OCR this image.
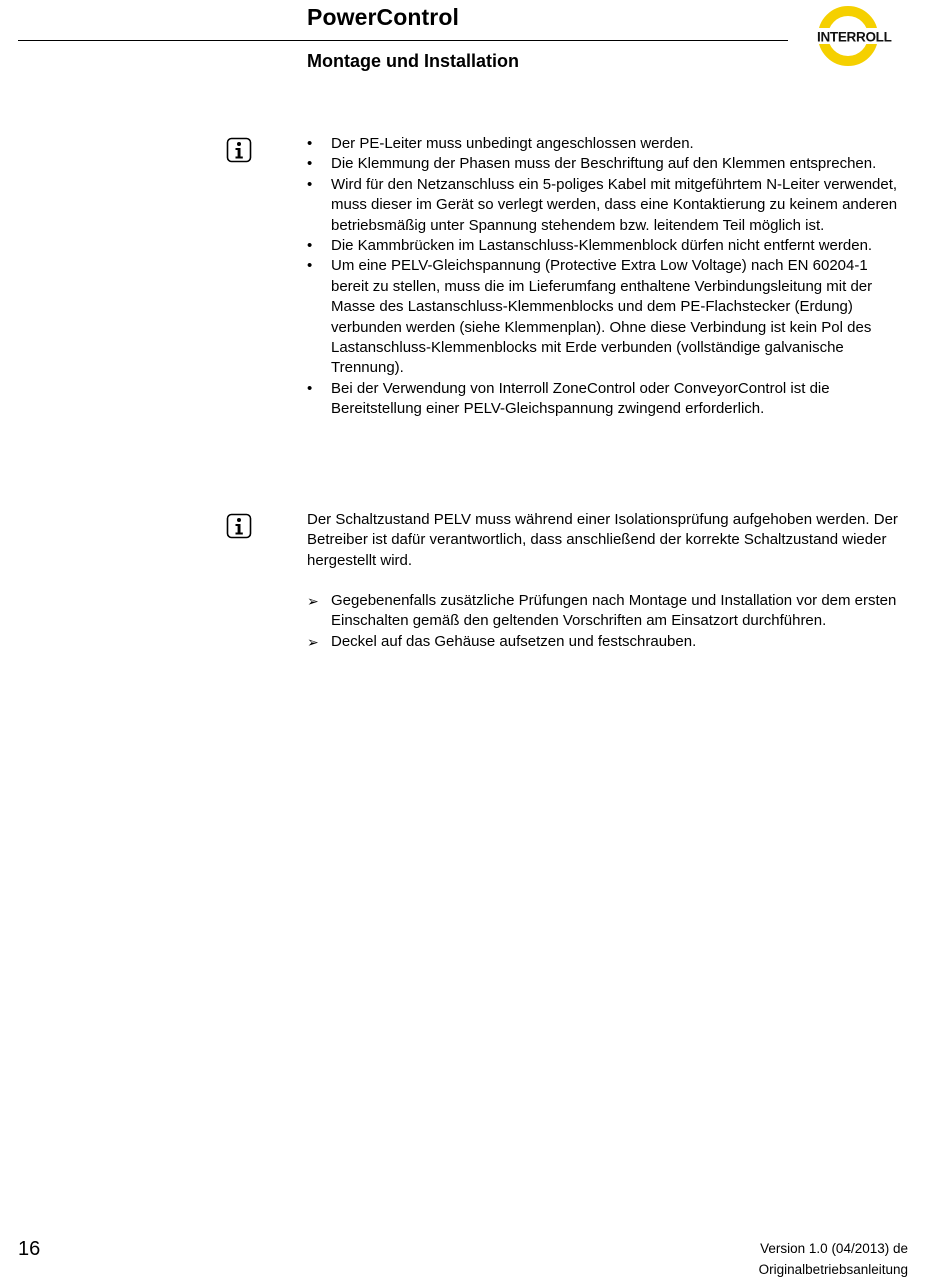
PowerControl
Montage und Installation
INTERROLL
• Der PE-Leiter muss unbedingt angeschlossen werden.
• Die Klemmung der Phasen muss der Beschriftung auf den Klemmen entsprechen.
• Wird für den Netzanschluss ein 5-poliges Kabel mit mitgeführtem N-Leiter verwendet, muss dieser im Gerät so verlegt werden, dass eine Kontaktierung zu keinem anderen betriebsmäßig unter Spannung stehendem bzw. leitendem Teil möglich ist.
• Die Kammbrücken im Lastanschluss-Klemmenblock dürfen nicht entfernt werden.
• Um eine PELV-Gleichspannung (Protective Extra Low Voltage) nach EN 60204-1 bereit zu stellen, muss die im Lieferumfang enthaltene Verbindungsleitung mit der Masse des Lastanschluss-Klemmenblocks und dem PE-Flachstecker (Erdung) verbunden werden (siehe Klemmenplan). Ohne diese Verbindung ist kein Pol des Lastanschluss-Klemmenblocks mit Erde verbunden (vollständige galvanische Trennung).
• Bei der Verwendung von Interroll ZoneControl oder ConveyorControl ist die Bereitstellung einer PELV-Gleichspannung zwingend erforderlich.
Der Schaltzustand PELV muss während einer Isolationsprüfung aufgehoben werden. Der Betreiber ist dafür verantwortlich, dass anschließend der korrekte Schaltzustand wieder hergestellt wird.
➢ Gegebenenfalls zusätzliche Prüfungen nach Montage und Installation vor dem ersten Einschalten gemäß den geltenden Vorschriften am Einsatzort durchführen.
➢ Deckel auf das Gehäuse aufsetzen und festschrauben.
16	Version 1.0 (04/2013) de
Originalbetriebsanleitung
